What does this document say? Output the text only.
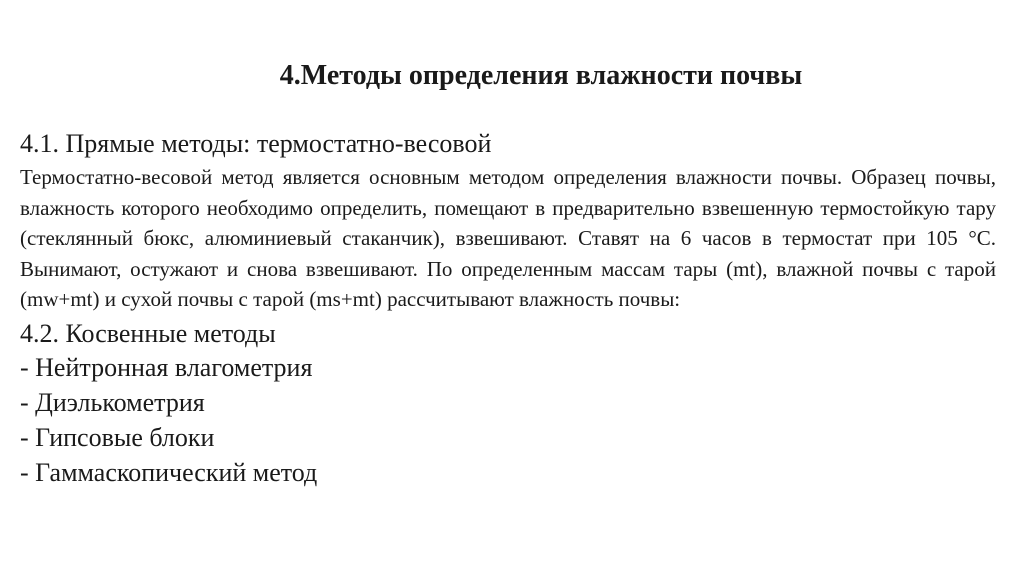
4.Методы определения влажности почвы
4.1. Прямые методы: термостатно-весовой

Термостатно-весовой метод является основным методом определения влажности почвы. Образец почвы, влажность которого необходимо определить, помещают в предварительно взвешенную термостойкую тару (стеклянный бюкс, алюминиевый стаканчик), взвешивают. Ставят на 6 часов в термостат при 105 °С. Вынимают, остужают и снова взвешивают. По определенным массам тары (mt), влажной почвы с тарой (mw+mt) и сухой почвы с тарой (ms+mt) рассчитывают влажность почвы:

4.2. Косвенные методы
- Нейтронная влагометрия
- Диэлькометрия
- Гипсовые блоки
- Гаммаскопический метод
